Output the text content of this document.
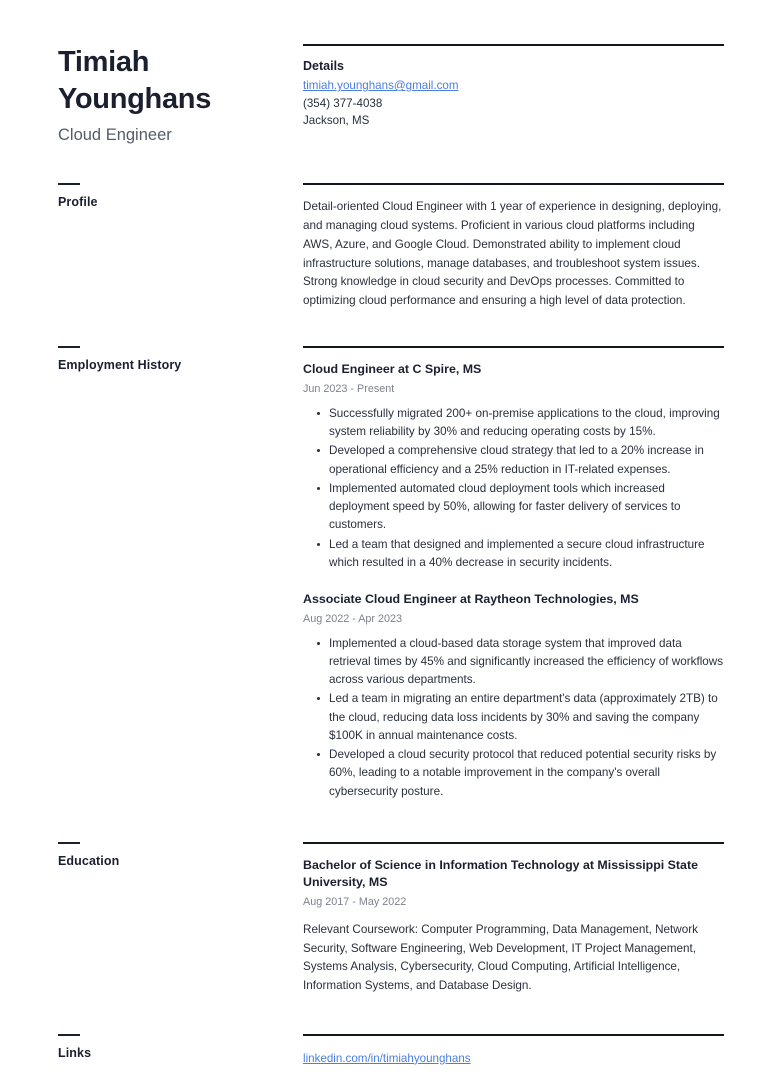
Timiah
Younghans
Cloud Engineer
Details
timiah.younghans@gmail.com
(354) 377-4038
Jackson, MS
Profile	Detail-oriented Cloud Engineer with 1 year of experience in designing, deploying, and managing cloud systems. Proficient in various cloud platforms including AWS, Azure, and Google Cloud. Demonstrated ability to implement cloud infrastructure solutions, manage databases, and troubleshoot system issues. Strong knowledge in cloud security and DevOps processes. Committed to optimizing cloud performance and ensuring a high level of data protection.

Employment History	Cloud Engineer at C Spire, MS
Jun 2023 - Present
Successfully migrated 200+ on-premise applications to the cloud, improving system reliability by 30% and reducing operating costs by 15%.
Developed a comprehensive cloud strategy that led to a 20% increase in operational efficiency and a 25% reduction in IT-related expenses.
Implemented automated cloud deployment tools which increased deployment speed by 50%, allowing for faster delivery of services to customers.
Led a team that designed and implemented a secure cloud infrastructure which resulted in a 40% decrease in security incidents.
Associate Cloud Engineer at Raytheon Technologies, MS
Aug 2022 - Apr 2023
Implemented a cloud-based data storage system that improved data retrieval times by 45% and significantly increased the efficiency of workflows across various departments.
Led a team in migrating an entire department's data (approximately 2TB) to the cloud, reducing data loss incidents by 30% and saving the company $100K in annual maintenance costs.
Developed a cloud security protocol that reduced potential security risks by 60%, leading to a notable improvement in the company's overall cybersecurity posture.
Education	Bachelor of Science in Information Technology at Mississippi State University, MS
Aug 2017 - May 2022
Relevant Coursework: Computer Programming, Data Management, Network Security, Software Engineering, Web Development, IT Project Management, Systems Analysis, Cybersecurity, Cloud Computing, Artificial Intelligence, Information Systems, and Database Design.
Links	linkedin.com/in/timiahyounghans
